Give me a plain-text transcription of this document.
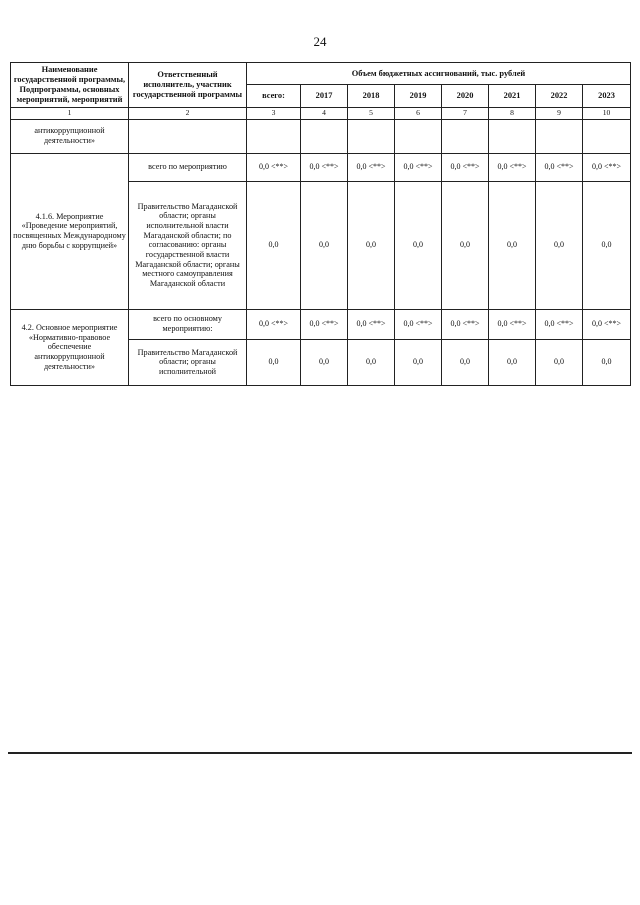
24
Наименование государственной программы, Подпрограммы, основных мероприятий, мероприятий	Ответственный исполнитель, участник государственной программы	Объем бюджетных ассигнований, тыс. рублей							
		всего:	2017	2018	2019	2020	2021	2022	2023
1	2	3	4	5	6	7	8	9	10
антикоррупционной деятельности»									
4.1.6. Мероприятие «Проведение мероприятий, посвященных Международному дню борьбы с коррупцией»	всего по мероприятию	0,0 <**>	0,0 <**>	0,0 <**>	0,0 <**>	0,0 <**>	0,0 <**>	0,0 <**>	0,0 <**>
	Правительство Магаданской области; органы исполнительной власти Магаданской области; по согласованию: органы государственной власти Магаданской области; органы местного самоуправления Магаданской области	0,0	0,0	0,0	0,0	0,0	0,0	0,0	0,0
4.2. Основное мероприятие «Нормативно-правовое обеспечение антикоррупционной деятельности»	всего по основному мероприятию:	0,0 <**>	0,0 <**>	0,0 <**>	0,0 <**>	0,0 <**>	0,0 <**>	0,0 <**>	0,0 <**>
	Правительство Магаданской области; органы исполнительной	0,0	0,0	0,0	0,0	0,0	0,0	0,0	0,0
